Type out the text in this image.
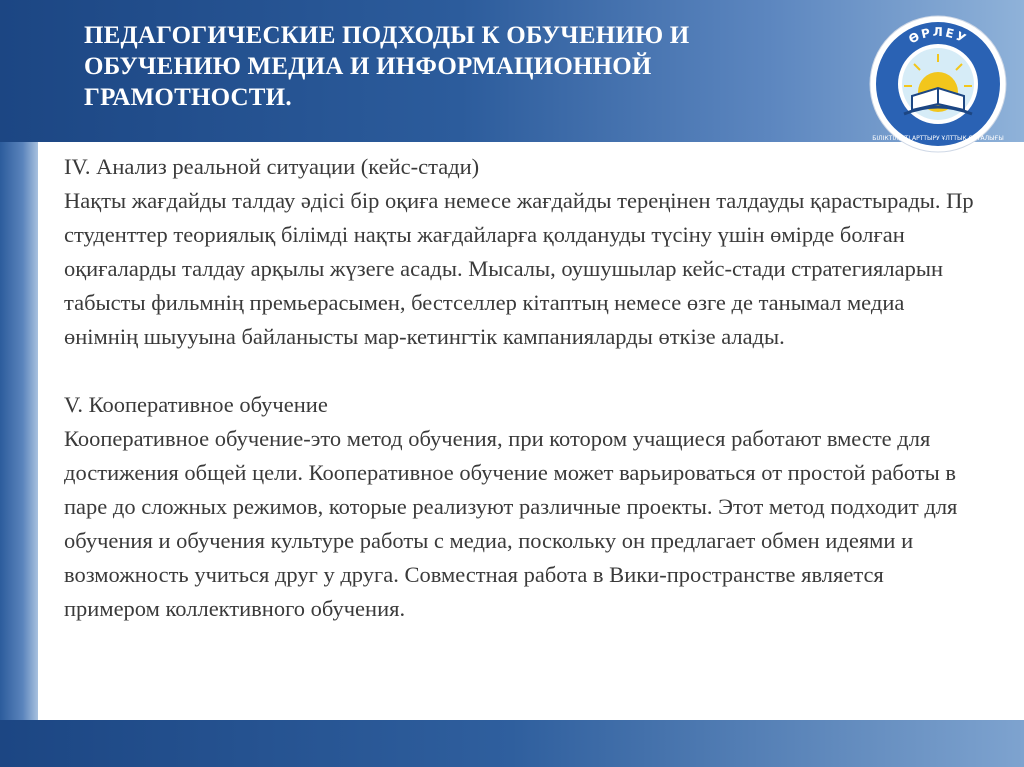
ПЕДАГОГИЧЕСКИЕ ПОДХОДЫ К ОБУЧЕНИЮ И ОБУЧЕНИЮ МЕДИА И ИНФОРМАЦИОННОЙ ГРАМОТНОСТИ.
ӨРЛЕУ
БІЛІКТІЛІКТІ АРТТЫРУ ҰЛТТЫҚ ОРТАЛЫҒЫ

IV. Анализ реальной ситуации (кейс-стади)

Нақты жағдайды талдау әдісі бір оқиға немесе жағдайды тереңінен талдауды қарастырады. Пр студенттер теориялық білімді нақты жағдайларға қолдануды түсіну үшін өмірде болған оқиғаларды талдау арқылы жүзеге асады. Мысалы, оушушылар кейс-стади стратегияларын табысты фильмнің премьерасымен, бестселлер кітаптың немесе өзге де танымал медиа өнімнің шыууына байланысты мар-кетингтік кампанияларды өткізе алады.

V. Кооперативное обучение

Кооперативное обучение-это метод обучения, при котором учащиеся работают вместе для достижения общей цели. Кооперативное обучение может варьироваться от простой работы в паре до сложных режимов, которые реализуют различные проекты. Этот метод подходит для обучения и обучения культуре работы с медиа, поскольку он предлагает обмен идеями и возможность учиться друг у друга. Совместная работа в Вики-пространстве является примером коллективного обучения.
